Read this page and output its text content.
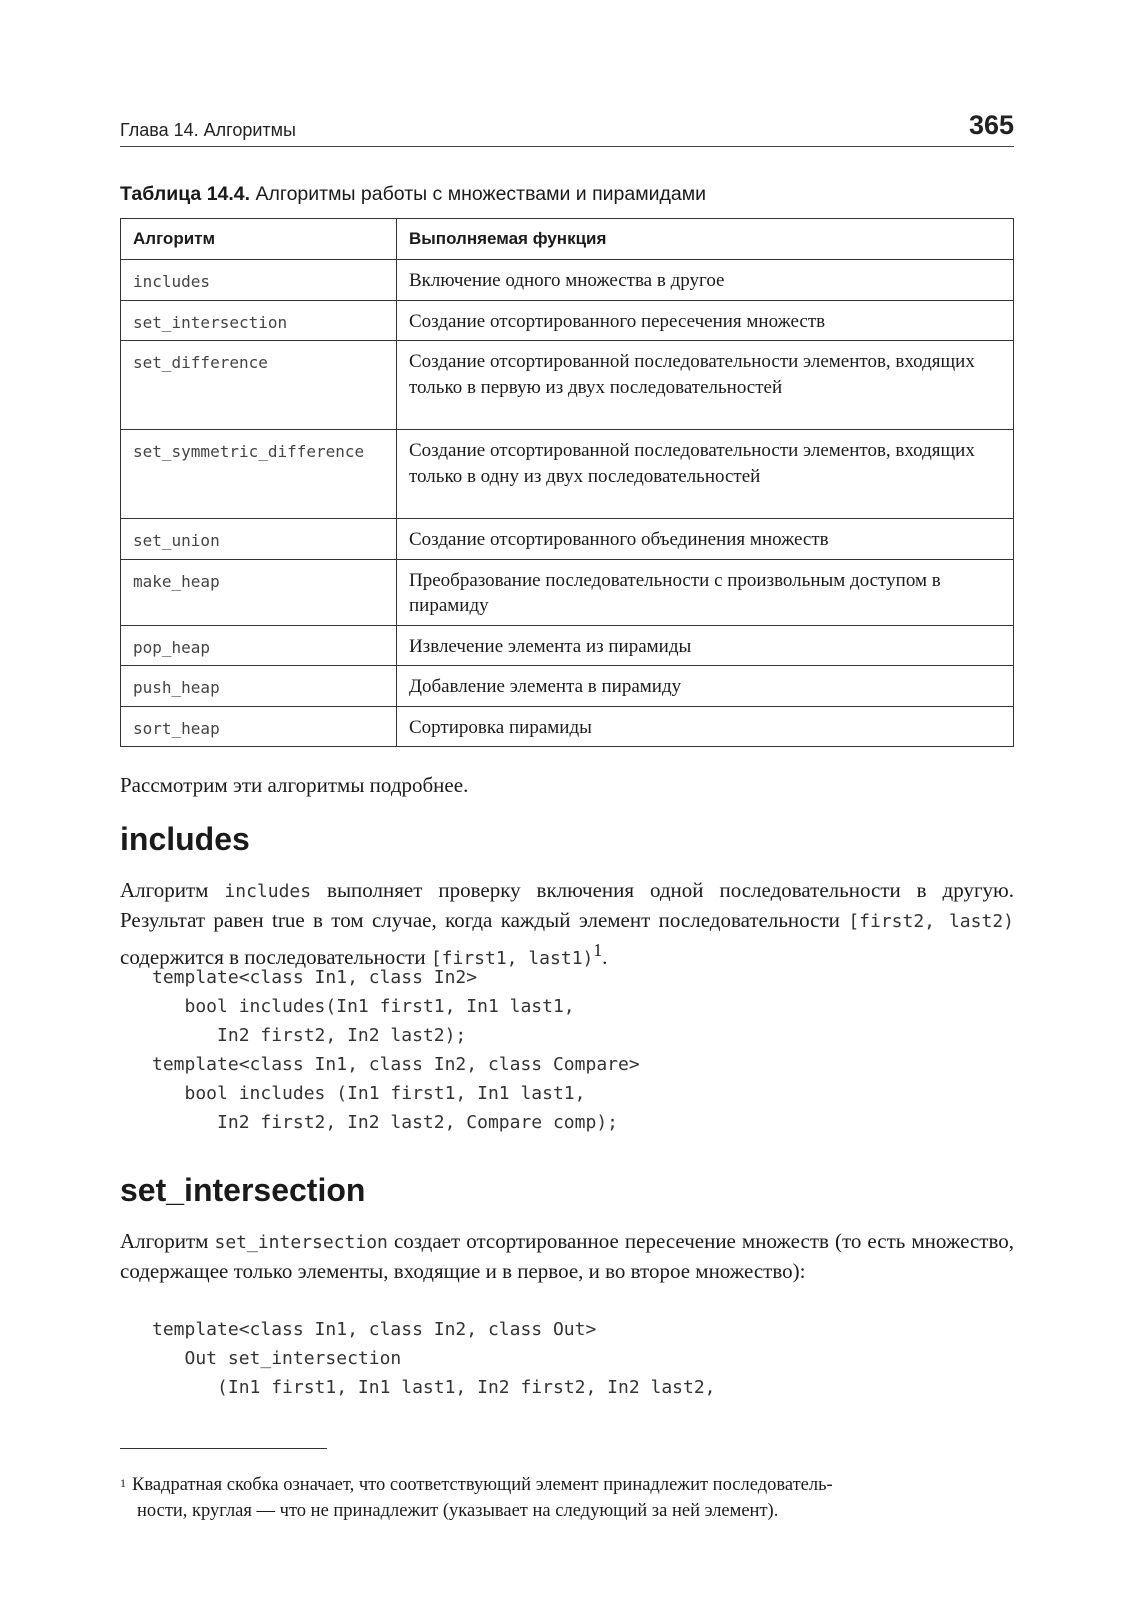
Глава 14. Алгоритмы	365
Таблица 14.4. Алгоритмы работы с множествами и пирамидами
Алгоритм	Выполняемая функция
includes	Включение одного множества в другое
set_intersection	Создание отсортированного пересечения множеств
set_difference	Создание отсортированной последовательности элементов, входящих только в первую из двух последовательностей
set_symmetric_difference	Создание отсортированной последовательности элементов, входящих только в одну из двух последовательностей
set_union	Создание отсортированного объединения множеств
make_heap	Преобразование последовательности с произвольным доступом в пирамиду
pop_heap	Извлечение элемента из пирамиды
push_heap	Добавление элемента в пирамиду
sort_heap	Сортировка пирамиды
Рассмотрим эти алгоритмы подробнее.
includes
Алгоритм includes выполняет проверку включения одной последовательности в другую. Результат равен true в том случае, когда каждый элемент последовательности [first2, last2) содержится в последовательности [first1, last1)$^1$.
template<class In1, class In2>
bool includes(In1 first1, In1 last1,
In2 first2, In2 last2);
template<class In1, class In2, class Compare>
bool includes (In1 first1, In1 last1,
In2 first2, In2 last2, Compare comp);
set_intersection
Алгоритм set_intersection создает отсортированное пересечение множеств (то есть множество, содержащее только элементы, входящие и в первое, и во второе множество):
template<class In1, class In2, class Out>
Out set_intersection
(In1 first1, In1 last1, In2 first2, In2 last2,
$^1$ Квадратная скобка означает, что соответствующий элемент принадлежит последователь-
ности, круглая — что не принадлежит (указывает на следующий за ней элемент).
